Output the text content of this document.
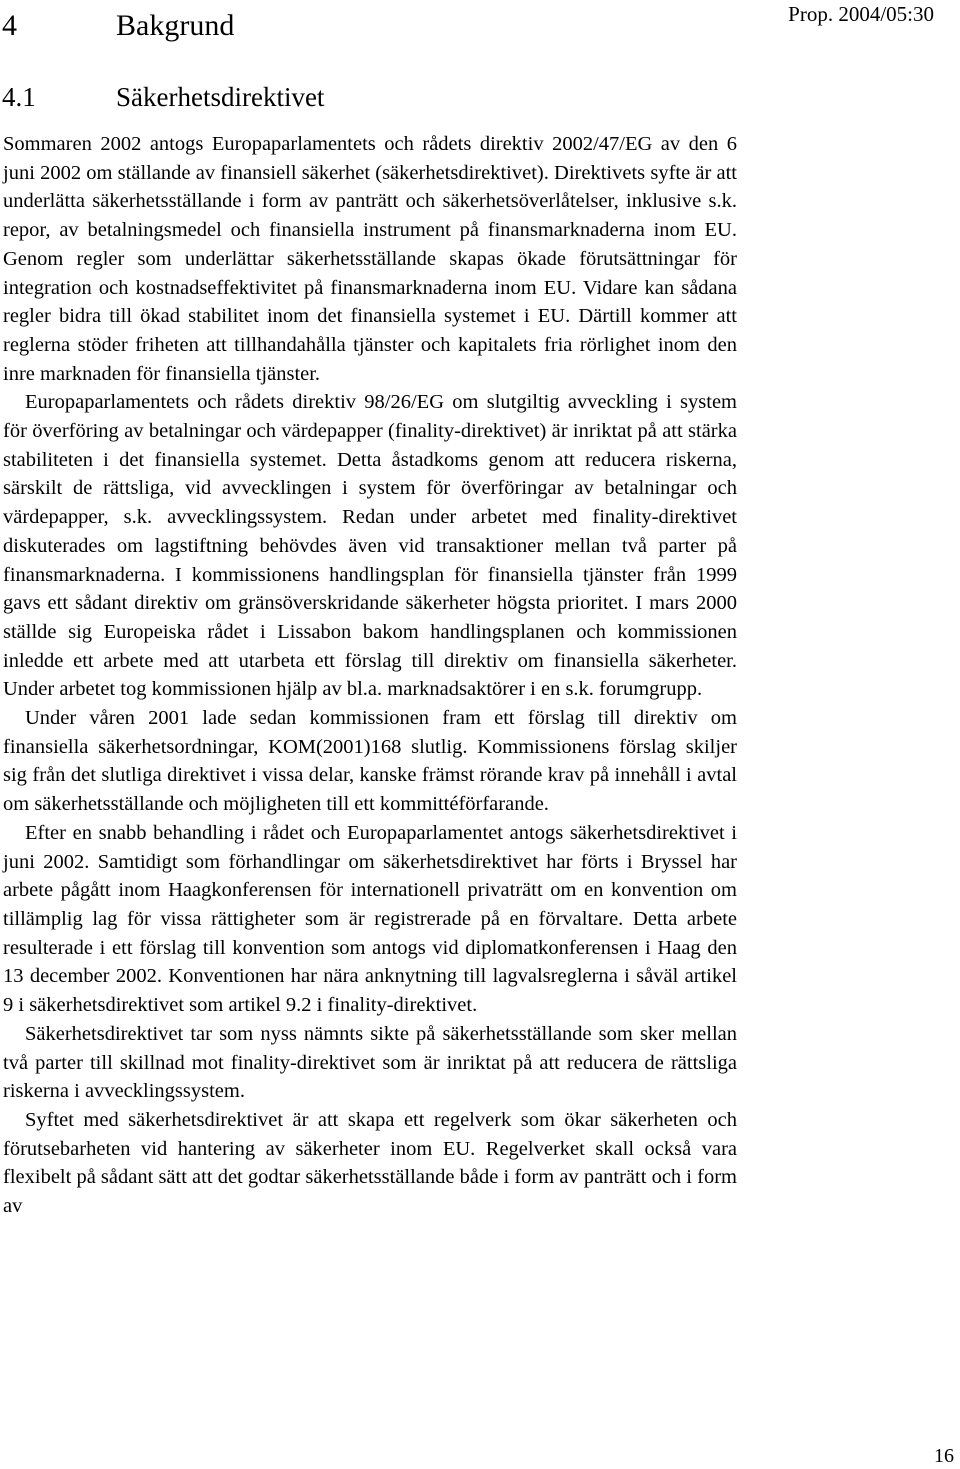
4	Bakgrund	Prop. 2004/05:30
4.1	Säkerhetsdirektivet

Sommaren 2002 antogs Europaparlamentets och rådets direktiv 2002/47/EG av den 6 juni 2002 om ställande av finansiell säkerhet (säkerhetsdirektivet). Direktivets syfte är att underlätta säkerhetsställande i form av panträtt och säkerhetsöverlåtelser, inklusive s.k. repor, av betalningsmedel och finansiella instrument på finansmarknaderna inom EU. Genom regler som underlättar säkerhetsställande skapas ökade förutsättningar för integration och kostnadseffektivitet på finansmarknaderna inom EU. Vidare kan sådana regler bidra till ökad stabilitet inom det finansiella systemet i EU. Därtill kommer att reglerna stöder friheten att tillhandahålla tjänster och kapitalets fria rörlighet inom den inre marknaden för finansiella tjänster.

Europaparlamentets och rådets direktiv 98/26/EG om slutgiltig avveckling i system för överföring av betalningar och värdepapper (finality-direktivet) är inriktat på att stärka stabiliteten i det finansiella systemet. Detta åstadkoms genom att reducera riskerna, särskilt de rättsliga, vid avvecklingen i system för överföringar av betalningar och värdepapper, s.k. avvecklingssystem. Redan under arbetet med finality-direktivet diskuterades om lagstiftning behövdes även vid transaktioner mellan två parter på finansmarknaderna. I kommissionens handlingsplan för finansiella tjänster från 1999 gavs ett sådant direktiv om gränsöverskridande säkerheter högsta prioritet. I mars 2000 ställde sig Europeiska rådet i Lissabon bakom handlingsplanen och kommissionen inledde ett arbete med att utarbeta ett förslag till direktiv om finansiella säkerheter. Under arbetet tog kommissionen hjälp av bl.a. marknadsaktörer i en s.k. forumgrupp.

Under våren 2001 lade sedan kommissionen fram ett förslag till direktiv om finansiella säkerhetsordningar, KOM(2001)168 slutlig. Kommissionens förslag skiljer sig från det slutliga direktivet i vissa delar, kanske främst rörande krav på innehåll i avtal om säkerhetsställande och möjligheten till ett kommittéförfarande.

Efter en snabb behandling i rådet och Europaparlamentet antogs säkerhetsdirektivet i juni 2002. Samtidigt som förhandlingar om säkerhetsdirektivet har förts i Bryssel har arbete pågått inom Haagkonferensen för internationell privaträtt om en konvention om tillämplig lag för vissa rättigheter som är registrerade på en förvaltare. Detta arbete resulterade i ett förslag till konvention som antogs vid diplomatkonferensen i Haag den 13 december 2002. Konventionen har nära anknytning till lagvalsreglerna i såväl artikel 9 i säkerhetsdirektivet som artikel 9.2 i finality-direktivet.

Säkerhetsdirektivet tar som nyss nämnts sikte på säkerhetsställande som sker mellan två parter till skillnad mot finality-direktivet som är inriktat på att reducera de rättsliga riskerna i avvecklingssystem.

Syftet med säkerhetsdirektivet är att skapa ett regelverk som ökar säkerheten och förutsebarheten vid hantering av säkerheter inom EU. Regelverket skall också vara flexibelt på sådant sätt att det godtar säkerhetsställande både i form av panträtt och i form av

16
